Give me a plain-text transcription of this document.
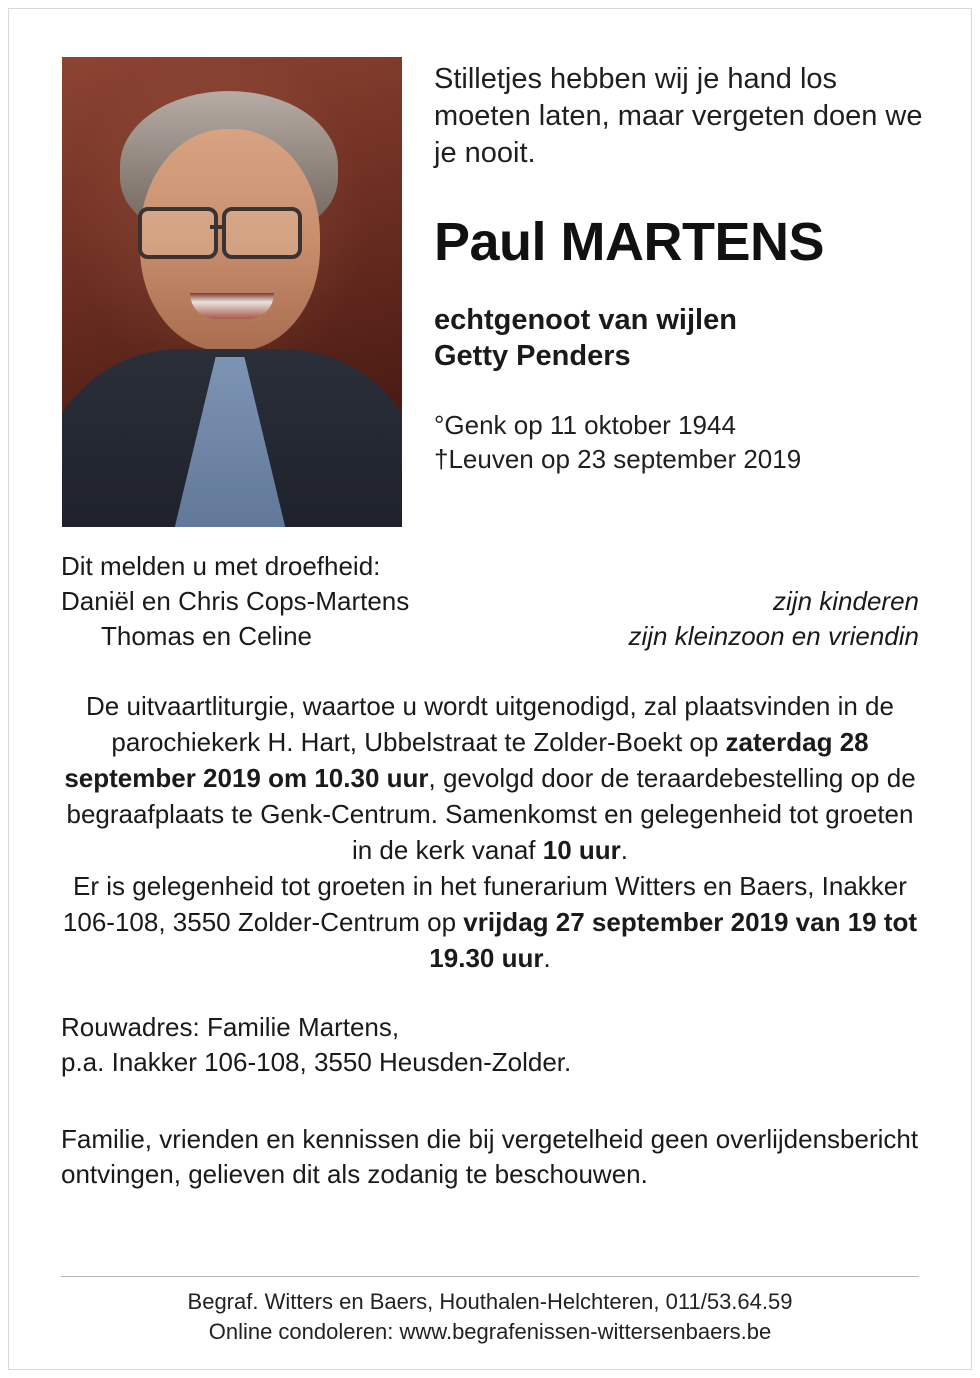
Stilletjes hebben wij je hand los moeten laten, maar vergeten doen we je nooit.

Paul MARTENS
echtgenoot van wijlen
Getty Penders
°Genk op 11 oktober 1944
†Leuven op 23 september 2019
Dit melden u met droefheid:
Daniël en Chris Cops-Martens	zijn kinderen
Thomas en Celine	zijn kleinzoon en vriendin
De uitvaartliturgie, waartoe u wordt uitgenodigd, zal plaatsvinden in de parochiekerk H. Hart, Ubbelstraat te Zolder-Boekt op zaterdag 28 september 2019 om 10.30 uur, gevolgd door de teraardebestelling op de begraafplaats te Genk-Centrum. Samenkomst en gelegenheid tot groeten in de kerk vanaf 10 uur.
Er is gelegenheid tot groeten in het funerarium Witters en Baers, Inakker 106-108, 3550 Zolder-Centrum op vrijdag 27 september 2019 van 19 tot 19.30 uur.
Rouwadres: Familie Martens,
p.a. Inakker 106-108, 3550 Heusden-Zolder.
Familie, vrienden en kennissen die bij vergetelheid geen overlijdensbericht ontvingen, gelieven dit als zodanig te beschouwen.
Begraf. Witters en Baers, Houthalen-Helchteren, 011/53.64.59
Online condoleren: www.begrafenissen-wittersenbaers.be
